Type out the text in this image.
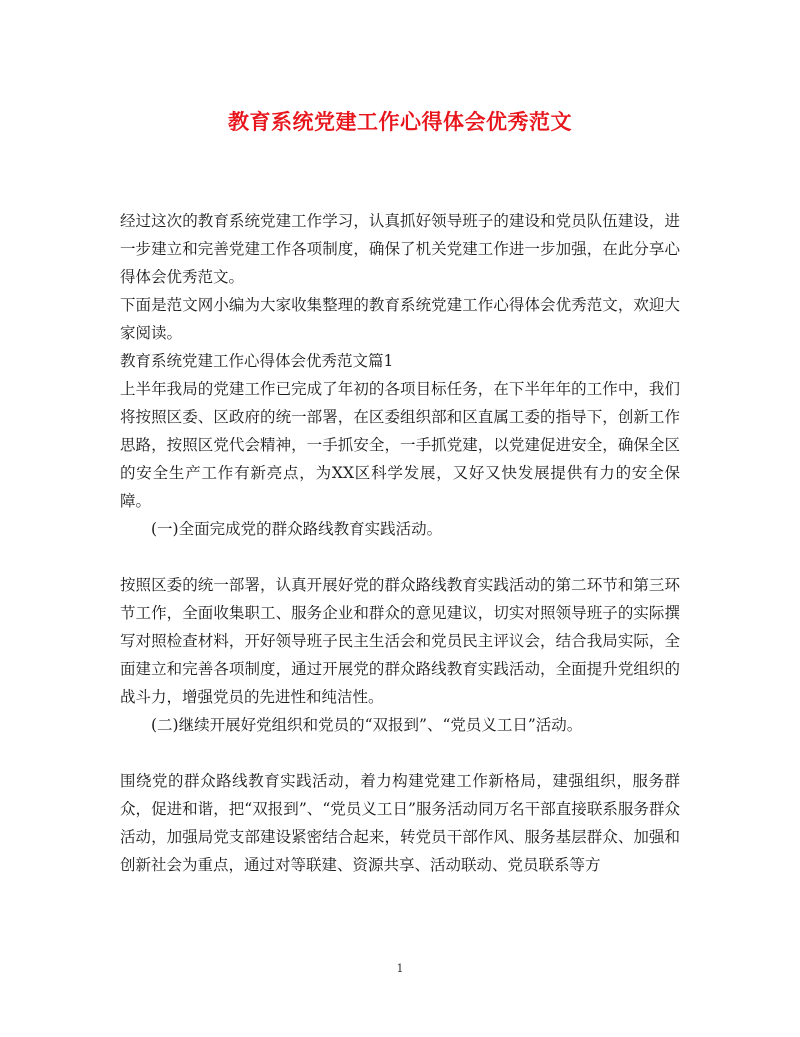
教育系统党建工作心得体会优秀范文

经过这次的教育系统党建工作学习，认真抓好领导班子的建设和党员队伍建设，进一步建立和完善党建工作各项制度，确保了机关党建工作进一步加强，在此分享心得体会优秀范文。

下面是范文网小编为大家收集整理的教育系统党建工作心得体会优秀范文，欢迎大家阅读。

教育系统党建工作心得体会优秀范文篇1

上半年我局的党建工作已完成了年初的各项目标任务，在下半年年的工作中，我们将按照区委、区政府的统一部署，在区委组织部和区直属工委的指导下，创新工作思路，按照区党代会精神，一手抓安全，一手抓党建，以党建促进安全，确保全区的安全生产工作有新亮点，为XX区科学发展，又好又快发展提供有力的安全保障。

(一)全面完成党的群众路线教育实践活动。

按照区委的统一部署，认真开展好党的群众路线教育实践活动的第二环节和第三环节工作，全面收集职工、服务企业和群众的意见建议，切实对照领导班子的实际撰写对照检查材料，开好领导班子民主生活会和党员民主评议会，结合我局实际，全面建立和完善各项制度，通过开展党的群众路线教育实践活动，全面提升党组织的战斗力，增强党员的先进性和纯洁性。

(二)继续开展好党组织和党员的“双报到”、“党员义工日”活动。

围绕党的群众路线教育实践活动，着力构建党建工作新格局，建强组织，服务群众，促进和谐，把“双报到”、“党员义工日”服务活动同万名干部直接联系服务群众活动，加强局党支部建设紧密结合起来，转党员干部作风、服务基层群众、加强和创新社会为重点，通过对等联建、资源共享、活动联动、党员联系等方

1
